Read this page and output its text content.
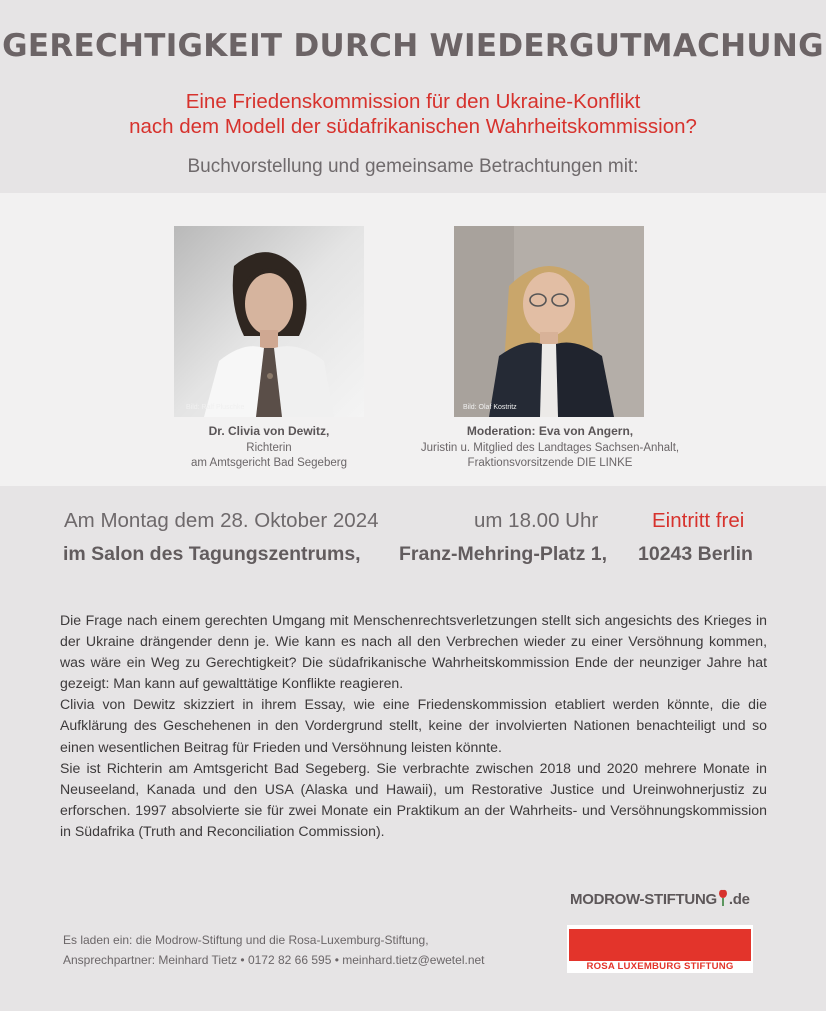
GERECHTIGKEIT DURCH WIEDERGUTMACHUNG
Eine Friedenskommission für den Ukraine-Konflikt
nach dem Modell der südafrikanischen Wahrheitskommission?
Buchvorstellung und gemeinsame Betrachtungen mit:
Bild: Ralf Pluschke	Bild: Olaf Kostritz
Dr. Clivia von Dewitz,
Richterin
am Amtsgericht Bad Segeberg
Moderation: Eva von Angern,
Juristin u. Mitglied des Landtages Sachsen-Anhalt,
Fraktionsvorsitzende DIE LINKE
Am Montag dem 28. Oktober 2024	um 18.00 Uhr	Eintritt frei
im Salon des Tagungszentrums, Franz-Mehring-Platz 1, 10243 Berlin

Die Frage nach einem gerechten Umgang mit Menschenrechtsverletzungen stellt sich angesichts des Krieges in der Ukraine drängender denn je. Wie kann es nach all den Verbrechen wieder zu einer Versöhnung kommen, was wäre ein Weg zu Gerechtigkeit? Die südafrikanische Wahrheitskommission Ende der neunziger Jahre hat gezeigt: Man kann auf gewalttätige Konflikte reagieren.

Clivia von Dewitz skizziert in ihrem Essay, wie eine Friedenskommission etabliert werden könnte, die die Aufklärung des Geschehenen in den Vordergrund stellt, keine der involvierten Nationen benachteiligt und so einen wesentlichen Beitrag für Frieden und Versöhnung leisten könnte.

Sie ist Richterin am Amtsgericht Bad Segeberg. Sie verbrachte zwischen 2018 und 2020 mehrere Monate in Neuseeland, Kanada und den USA (Alaska und Hawaii), um Restorative Justice und Ureinwohnerjustiz zu erforschen. 1997 absolvierte sie für zwei Monate ein Praktikum an der Wahrheits- und Versöhnungskommission in Südafrika (Truth and Reconciliation Commission).

Es laden ein: die Modrow-Stiftung und die Rosa-Luxemburg-Stiftung,
Ansprechpartner: Meinhard Tietz • 0172 82 66 595 • meinhard.tietz@ewetel.net
MODROW-STIFTUNG .de
ROSA LUXEMBURG STIFTUNG
